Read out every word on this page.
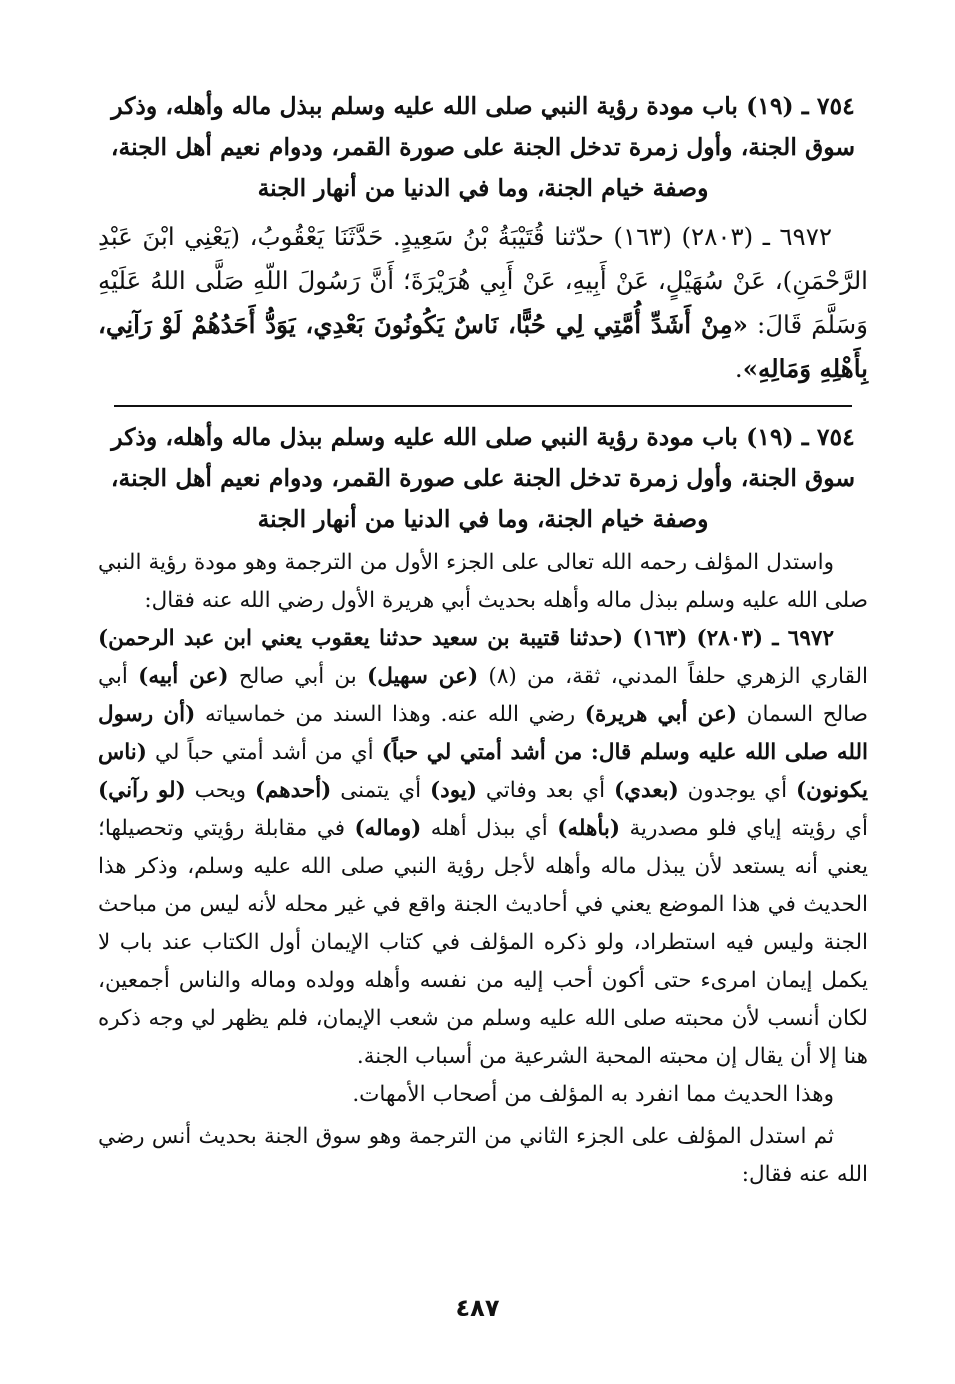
٧٥٤ ـ (١٩) باب مودة رؤية النبي صلى الله عليه وسلم ببذل ماله وأهله، وذكر
سوق الجنة، وأول زمرة تدخل الجنة على صورة القمر، ودوام نعيم أهل الجنة،
وصفة خيام الجنة، وما في الدنيا من أنهار الجنة

٦٩٧٢ ـ (٢٨٠٣) (١٦٣) حدّثنا قُتَيْبَةُ بْنُ سَعِيدٍ. حَدَّثَنَا يَعْقُوبُ، (يَعْنِي ابْنَ عَبْدِ الرَّحْمَنِ)، عَنْ سُهَيْلٍ، عَنْ أَبِيهِ، عَنْ أَبِي هُرَيْرَةَ؛ أَنَّ رَسُولَ اللّهِ صَلَّى اللهُ عَلَيْهِ وَسَلَّمَ قَالَ: «مِنْ أَشَدِّ أُمَّتِي لِي حُبًّا، نَاسٌ يَكُونُونَ بَعْدِي، يَوَدُّ أَحَدُهُمْ لَوْ رَآنِي، بِأَهْلِهِ وَمَالِهِ».

٧٥٤ ـ (١٩) باب مودة رؤية النبي صلى الله عليه وسلم ببذل ماله وأهله، وذكر
سوق الجنة، وأول زمرة تدخل الجنة على صورة القمر، ودوام نعيم أهل الجنة،
وصفة خيام الجنة، وما في الدنيا من أنهار الجنة

واستدل المؤلف رحمه الله تعالى على الجزء الأول من الترجمة وهو مودة رؤية النبي صلى الله عليه وسلم ببذل ماله وأهله بحديث أبي هريرة الأول رضي الله عنه فقال:

٦٩٧٢ ـ (٢٨٠٣) (١٦٣) (حدثنا قتيبة بن سعيد حدثنا يعقوب يعني ابن عبد الرحمن) القاري الزهري حلفاً المدني، ثقة، من (٨) (عن سهيل) بن أبي صالح (عن أبيه) أبي صالح السمان (عن أبي هريرة) رضي الله عنه. وهذا السند من خماسياته (أن رسول الله صلى الله عليه وسلم قال: من أشد أمتي لي حباً) أي من أشد أمتي حباً لي (ناس يكونون) أي يوجدون (بعدي) أي بعد وفاتي (يود) أي يتمنى (أحدهم) ويحب (لو رآني) أي رؤيته إياي فلو مصدرية (بأهله) أي ببذل أهله (وماله) في مقابلة رؤيتي وتحصيلها؛ يعني أنه يستعد لأن يبذل ماله وأهله لأجل رؤية النبي صلى الله عليه وسلم، وذكر هذا الحديث في هذا الموضع يعني في أحاديث الجنة واقع في غير محله لأنه ليس من مباحث الجنة وليس فيه استطراد، ولو ذكره المؤلف في كتاب الإيمان أول الكتاب عند باب لا يكمل إيمان امرىء حتى أكون أحب إليه من نفسه وأهله وولده وماله والناس أجمعين، لكان أنسب لأن محبته صلى الله عليه وسلم من شعب الإيمان، فلم يظهر لي وجه ذكره هنا إلا أن يقال إن محبته المحبة الشرعية من أسباب الجنة.

وهذا الحديث مما انفرد به المؤلف من أصحاب الأمهات.

ثم استدل المؤلف على الجزء الثاني من الترجمة وهو سوق الجنة بحديث أنس رضي الله عنه فقال:

٤٨٧
